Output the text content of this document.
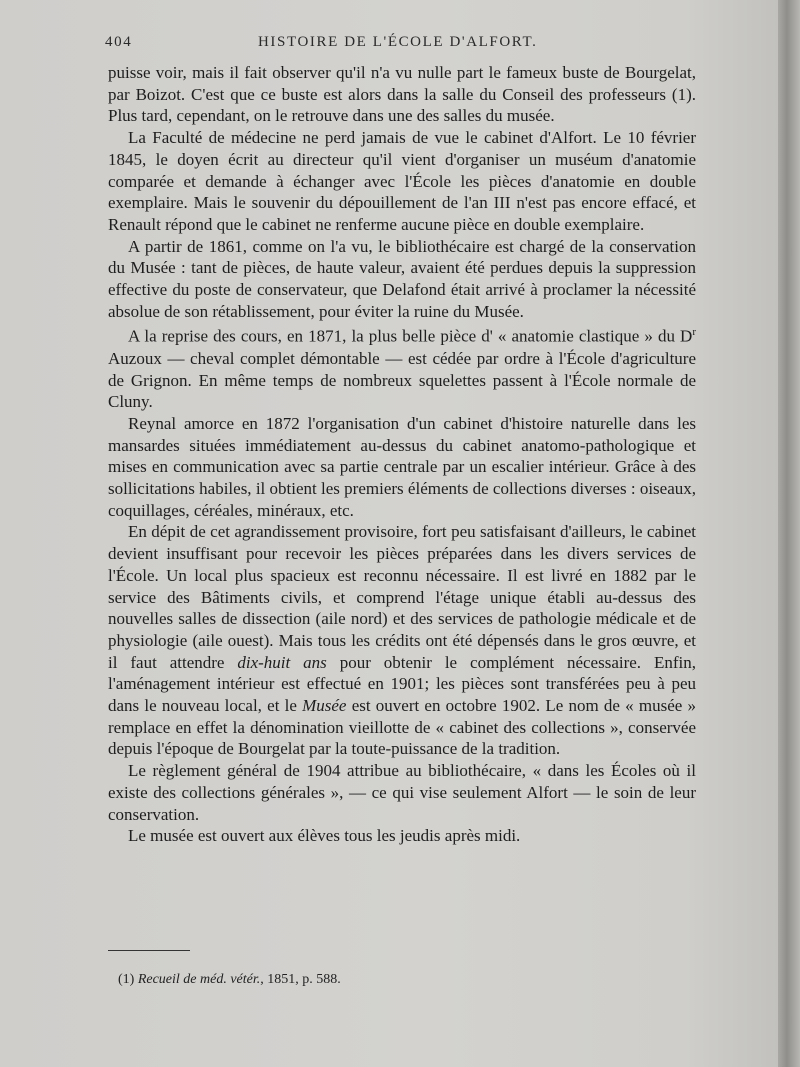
404	HISTOIRE DE L'ÉCOLE D'ALFORT.

puisse voir, mais il fait observer qu'il n'a vu nulle part le fameux buste de Bourgelat, par Boizot. C'est que ce buste est alors dans la salle du Conseil des professeurs (1). Plus tard, cependant, on le retrouve dans une des salles du musée.

La Faculté de médecine ne perd jamais de vue le cabinet d'Alfort. Le 10 février 1845, le doyen écrit au directeur qu'il vient d'organiser un muséum d'anatomie comparée et demande à échanger avec l'École les pièces d'anatomie en double exemplaire. Mais le souvenir du dépouillement de l'an III n'est pas encore effacé, et Renault répond que le cabinet ne renferme aucune pièce en double exemplaire.

A partir de 1861, comme on l'a vu, le bibliothécaire est chargé de la conservation du Musée : tant de pièces, de haute valeur, avaient été perdues depuis la suppression effective du poste de conservateur, que Delafond était arrivé à proclamer la nécessité absolue de son rétablissement, pour éviter la ruine du Musée.

A la reprise des cours, en 1871, la plus belle pièce d' « anatomie clastique » du $D^r$ Auzoux — cheval complet démontable — est cédée par ordre à l'École d'agriculture de Grignon. En même temps de nombreux squelettes passent à l'École normale de Cluny.

Reynal amorce en 1872 l'organisation d'un cabinet d'histoire naturelle dans les mansardes situées immédiatement au-dessus du cabinet anatomo-pathologique et mises en communication avec sa partie centrale par un escalier intérieur. Grâce à des sollicitations habiles, il obtient les premiers éléments de collections diverses : oiseaux, coquillages, céréales, minéraux, etc.

En dépit de cet agrandissement provisoire, fort peu satisfaisant d'ailleurs, le cabinet devient insuffisant pour recevoir les pièces préparées dans les divers services de l'École. Un local plus spacieux est reconnu nécessaire. Il est livré en 1882 par le service des Bâtiments civils, et comprend l'étage unique établi au-dessus des nouvelles salles de dissection (aile nord) et des services de pathologie médicale et de physiologie (aile ouest). Mais tous les crédits ont été dépensés dans le gros œuvre, et il faut attendre dix-huit ans pour obtenir le complément nécessaire. Enfin, l'aménagement intérieur est effectué en 1901; les pièces sont transférées peu à peu dans le nouveau local, et le Musée est ouvert en octobre 1902. Le nom de « musée » remplace en effet la dénomination vieillotte de « cabinet des collections », conservée depuis l'époque de Bourgelat par la toute-puissance de la tradition.

Le règlement général de 1904 attribue au bibliothécaire, « dans les Écoles où il existe des collections générales », — ce qui vise seulement Alfort — le soin de leur conservation.

Le musée est ouvert aux élèves tous les jeudis après midi.

(1) Recueil de méd. vétér., 1851, p. 588.
